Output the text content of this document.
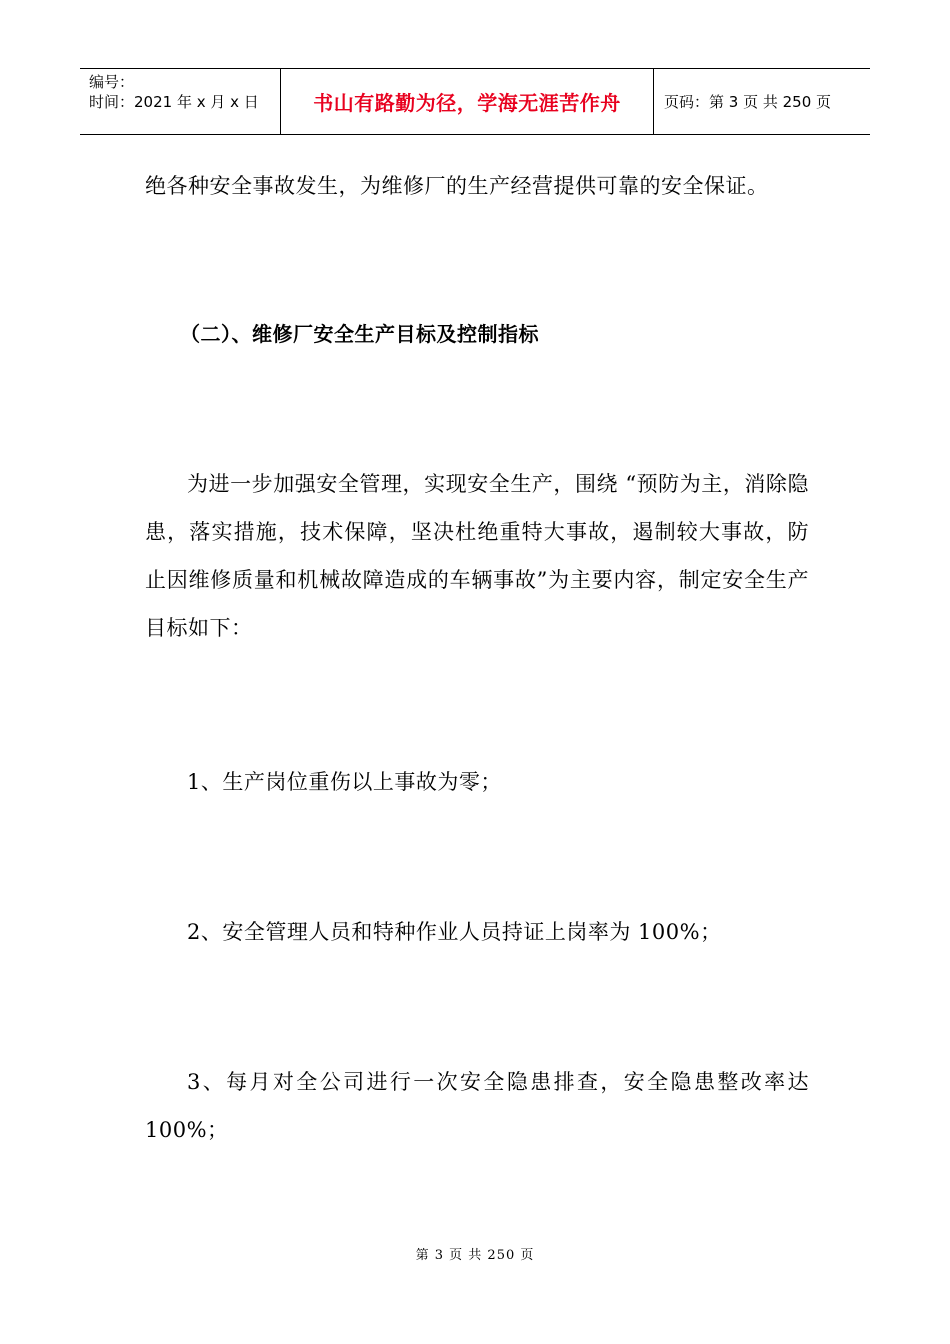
编号：
时间：2021 年 x 月 x 日	书山有路勤为径，学海无涯苦作舟	页码：第 3 页 共 250 页

绝各种安全事故发生，为维修厂的生产经营提供可靠的安全保证。

（二）、维修厂安全生产目标及控制指标

为进一步加强安全管理，实现安全生产，围绕 “预防为主，消除隐患，落实措施，技术保障，坚决杜绝重特大事故，遏制较大事故，防止因维修质量和机械故障造成的车辆事故”为主要内容，制定安全生产目标如下：

1、生产岗位重伤以上事故为零；

2、安全管理人员和特种作业人员持证上岗率为 100%；

3、每月对全公司进行一次安全隐患排查，安全隐患整改率达 100%；

第 3 页 共 250 页
